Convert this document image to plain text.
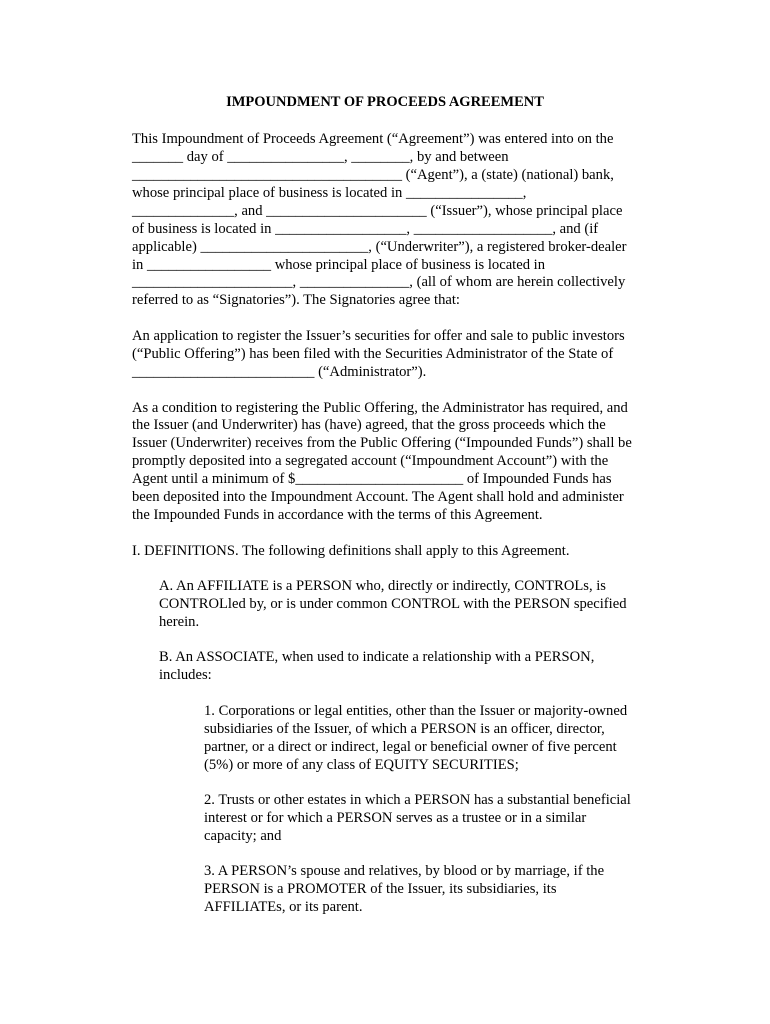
IMPOUNDMENT OF PROCEEDS AGREEMENT
This Impoundment of Proceeds Agreement (“Agreement”) was entered into on the
_______ day of ________________, ________, by and between
_____________________________________ (“Agent”), a (state) (national) bank,
whose principal place of business is located in ________________,
______________, and ______________________ (“Issuer”), whose principal place
of business is located in __________________, ___________________, and (if
applicable) _______________________, (“Underwriter”), a registered broker-dealer
in _________________ whose principal place of business is located in
______________________, _______________, (all of whom are herein collectively
referred to as “Signatories”). The Signatories agree that:
An application to register the Issuer’s securities for offer and sale to public investors
(“Public Offering”) has been filed with the Securities Administrator of the State of
_________________________ (“Administrator”).
As a condition to registering the Public Offering, the Administrator has required, and
the Issuer (and Underwriter) has (have) agreed, that the gross proceeds which the
Issuer (Underwriter) receives from the Public Offering (“Impounded Funds”) shall be
promptly deposited into a segregated account (“Impoundment Account”) with the
Agent until a minimum of $_______________________ of Impounded Funds has
been deposited into the Impoundment Account. The Agent shall hold and administer
the Impounded Funds in accordance with the terms of this Agreement.
I. DEFINITIONS. The following definitions shall apply to this Agreement.
A. An AFFILIATE is a PERSON who, directly or indirectly, CONTROLs, is
CONTROLled by, or is under common CONTROL with the PERSON specified
herein.
B. An ASSOCIATE, when used to indicate a relationship with a PERSON,
includes:
1. Corporations or legal entities, other than the Issuer or majority-owned
subsidiaries of the Issuer, of which a PERSON is an officer, director,
partner, or a direct or indirect, legal or beneficial owner of five percent
(5%) or more of any class of EQUITY SECURITIES;
2. Trusts or other estates in which a PERSON has a substantial beneficial
interest or for which a PERSON serves as a trustee or in a similar
capacity; and
3. A PERSON’s spouse and relatives, by blood or by marriage, if the
PERSON is a PROMOTER of the Issuer, its subsidiaries, its
AFFILIATEs, or its parent.
